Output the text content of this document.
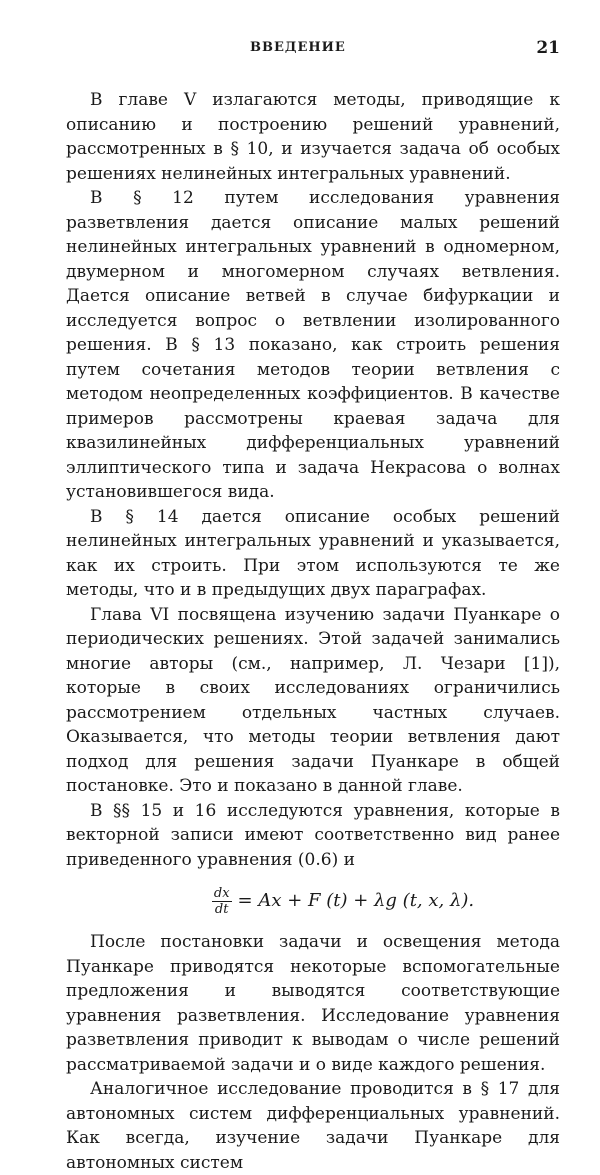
ВВЕДЕНИЕ	21

В главе V излагаются методы, приводящие к описанию и построению решений уравнений, рассмотренных в § 10, и изучается задача об особых решениях нелинейных интегральных уравнений.

В § 12 путем исследования уравнения разветвления дается описание малых решений нелинейных интегральных уравнений в одномерном, двумерном и многомерном случаях ветвления. Дается описание ветвей в случае бифуркации и исследуется вопрос о ветвлении изолированного решения. В § 13 показано, как строить решения путем сочетания методов теории ветвления с методом неопределенных коэффициентов. В качестве примеров рассмотрены краевая задача для квазилинейных дифференциальных уравнений эллиптического типа и задача Некрасова о волнах установившегося вида.

В § 14 дается описание особых решений нелинейных интегральных уравнений и указывается, как их строить. При этом используются те же методы, что и в предыдущих двух параграфах.

Глава VI посвящена изучению задачи Пуанкаре о периодических решениях. Этой задачей занимались многие авторы (см., например, Л. Чезари [1]), которые в своих исследованиях ограничились рассмотрением отдельных частных случаев. Оказывается, что методы теории ветвления дают подход для решения задачи Пуанкаре в общей постановке. Это и показано в данной главе.

В §§ 15 и 16 исследуются уравнения, которые в векторной записи имеют соответственно вид ранее приведенного уравнения (0.6) и

$\frac{dx}{dt} = Ax + F$ (t) + λg (t, x, λ).

После постановки задачи и освещения метода Пуанкаре приводятся некоторые вспомогательные предложения и выводятся соответствующие уравнения разветвления. Исследование уравнения разветвления приводит к выводам о числе решений рассматриваемой задачи и о виде каждого решения.

Аналогичное исследование проводится в § 17 для автономных систем дифференциальных уравнений. Как всегда, изучение задачи Пуанкаре для автономных систем
